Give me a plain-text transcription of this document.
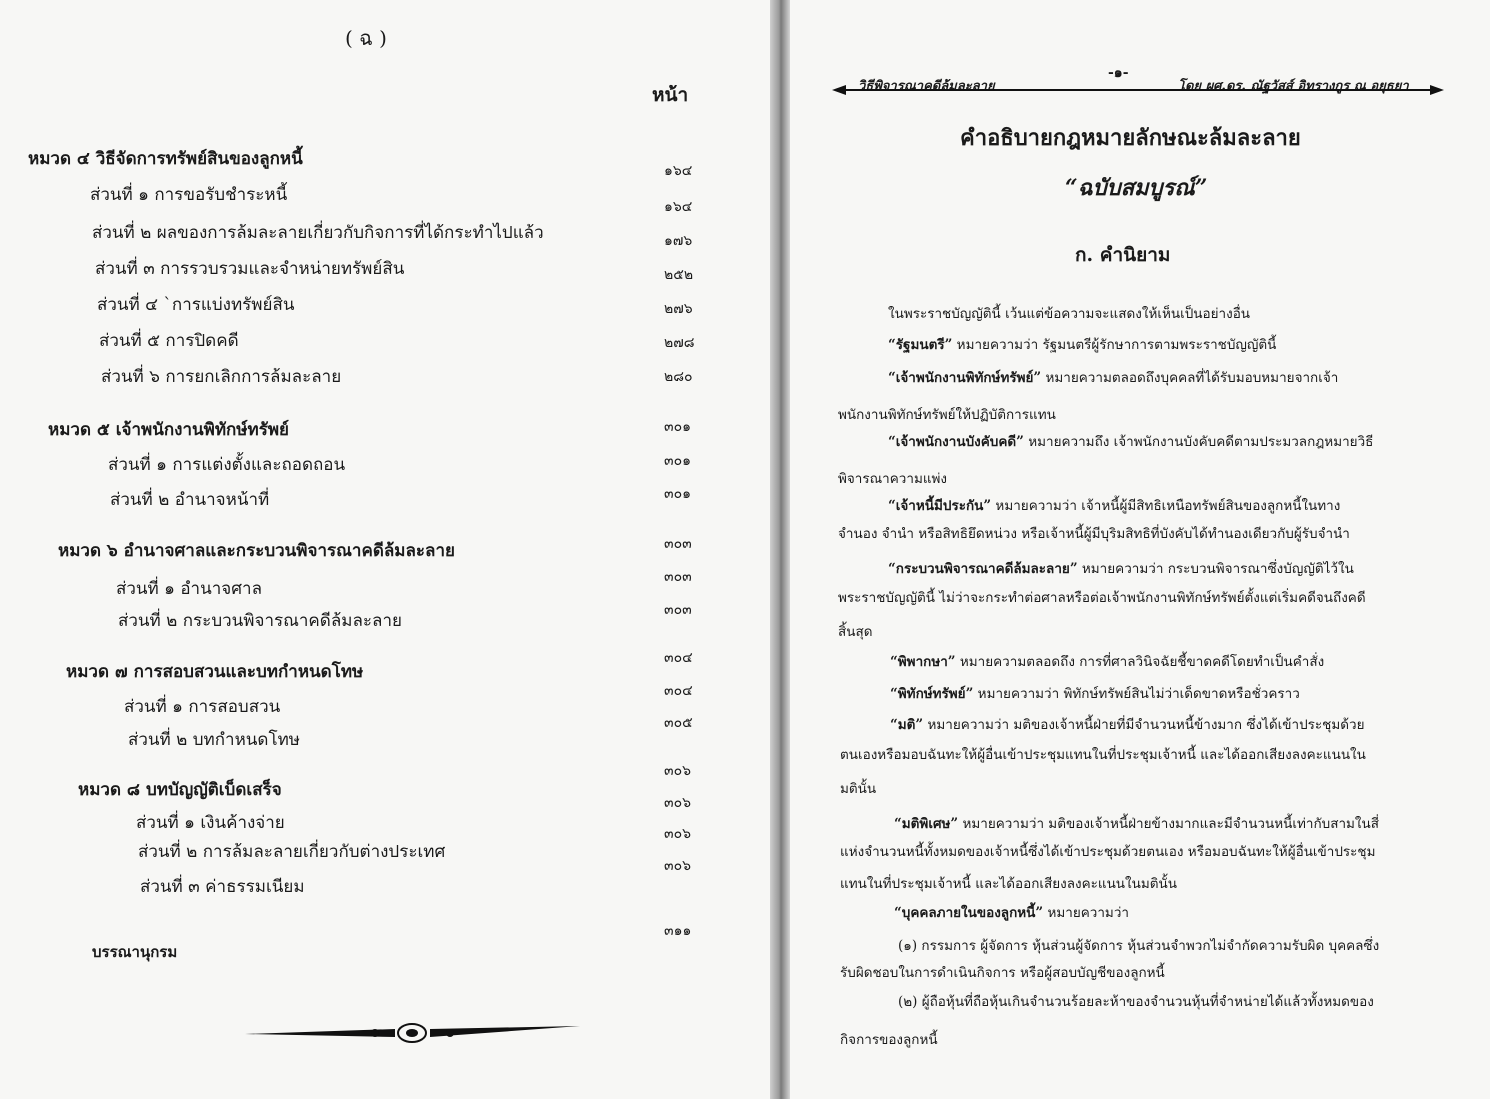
( ฉ )
หน้า
หมวด ๔ วิธีจัดการทรัพย์สินของลูกหนี้
ส่วนที่ ๑ การขอรับชำระหนี้
๑๖๔
ส่วนที่ ๒ ผลของการล้มละลายเกี่ยวกับกิจการที่ได้กระทำไปแล้ว
๑๖๔
ส่วนที่ ๓ การรวบรวมและจำหน่ายทรัพย์สิน
๑๗๖
ส่วนที่ ๔ `การแบ่งทรัพย์สิน
๒๕๒
ส่วนที่ ๕ การปิดคดี
๒๗๖
ส่วนที่ ๖ การยกเลิกการล้มละลาย
๒๗๘
๒๘๐
หมวด ๕ เจ้าพนักงานพิทักษ์ทรัพย์
ส่วนที่ ๑ การแต่งตั้งและถอดถอน
๓๐๑
ส่วนที่ ๒ อำนาจหน้าที่
๓๐๑
๓๐๑
หมวด ๖ อำนาจศาลและกระบวนพิจารณาคดีล้มละลาย
ส่วนที่ ๑ อำนาจศาล
๓๐๓
ส่วนที่ ๒ กระบวนพิจารณาคดีล้มละลาย
๓๐๓
๓๐๓
หมวด ๗ การสอบสวนและบทกำหนดโทษ
ส่วนที่ ๑ การสอบสวน
๓๐๔
ส่วนที่ ๒ บทกำหนดโทษ
๓๐๔
๓๐๕
หมวด ๘ บทบัญญัติเบ็ดเสร็จ
ส่วนที่ ๑ เงินค้างจ่าย
๓๐๖
ส่วนที่ ๒ การล้มละลายเกี่ยวกับต่างประเทศ
๓๐๖
ส่วนที่ ๓ ค่าธรรมเนียม
๓๐๖
๓๐๖
บรรณานุกรม
๓๑๑
วิธีพิจารณาคดีล้มละลาย
-๑-
โดย ผศ.ดร. ณัฐวัสส์ อิทรางกูร ณ อยุธยา
คำอธิบายกฎหมายลักษณะล้มละลาย
“ฉบับสมบูรณ์”
ก. คำนิยาม
ในพระราชบัญญัตินี้ เว้นแต่ข้อความจะแสดงให้เห็นเป็นอย่างอื่น
“รัฐมนตรี” หมายความว่า รัฐมนตรีผู้รักษาการตามพระราชบัญญัตินี้
“เจ้าพนักงานพิทักษ์ทรัพย์” หมายความตลอดถึงบุคคลที่ได้รับมอบหมายจากเจ้า
พนักงานพิทักษ์ทรัพย์ให้ปฏิบัติการแทน
“เจ้าพนักงานบังคับคดี” หมายความถึง เจ้าพนักงานบังคับคดีตามประมวลกฎหมายวิธี
พิจารณาความแพ่ง
“เจ้าหนี้มีประกัน” หมายความว่า เจ้าหนี้ผู้มีสิทธิเหนือทรัพย์สินของลูกหนี้ในทาง
จำนอง จำนำ หรือสิทธิยึดหน่วง หรือเจ้าหนี้ผู้มีบุริมสิทธิที่บังคับได้ทำนองเดียวกับผู้รับจำนำ
“กระบวนพิจารณาคดีล้มละลาย” หมายความว่า กระบวนพิจารณาซึ่งบัญญัติไว้ใน
พระราชบัญญัตินี้ ไม่ว่าจะกระทำต่อศาลหรือต่อเจ้าพนักงานพิทักษ์ทรัพย์ตั้งแต่เริ่มคดีจนถึงคดี
สิ้นสุด
“พิพากษา” หมายความตลอดถึง การที่ศาลวินิจฉัยชี้ขาดคดีโดยทำเป็นคำสั่ง
“พิทักษ์ทรัพย์” หมายความว่า พิทักษ์ทรัพย์สินไม่ว่าเด็ดขาดหรือชั่วคราว
“มติ” หมายความว่า มติของเจ้าหนี้ฝ่ายที่มีจำนวนหนี้ข้างมาก ซึ่งได้เข้าประชุมด้วย
ตนเองหรือมอบฉันทะให้ผู้อื่นเข้าประชุมแทนในที่ประชุมเจ้าหนี้ และได้ออกเสียงลงคะแนนใน
มตินั้น
“มติพิเศษ” หมายความว่า มติของเจ้าหนี้ฝ่ายข้างมากและมีจำนวนหนี้เท่ากับสามในสี่
แห่งจำนวนหนี้ทั้งหมดของเจ้าหนี้ซึ่งได้เข้าประชุมด้วยตนเอง หรือมอบฉันทะให้ผู้อื่นเข้าประชุม
แทนในที่ประชุมเจ้าหนี้ และได้ออกเสียงลงคะแนนในมตินั้น
“บุคคลภายในของลูกหนี้” หมายความว่า
(๑) กรรมการ ผู้จัดการ หุ้นส่วนผู้จัดการ หุ้นส่วนจำพวกไม่จำกัดความรับผิด บุคคลซึ่ง
รับผิดชอบในการดำเนินกิจการ หรือผู้สอบบัญชีของลูกหนี้
(๒) ผู้ถือหุ้นที่ถือหุ้นเกินจำนวนร้อยละห้าของจำนวนหุ้นที่จำหน่ายได้แล้วทั้งหมดของ
กิจการของลูกหนี้
